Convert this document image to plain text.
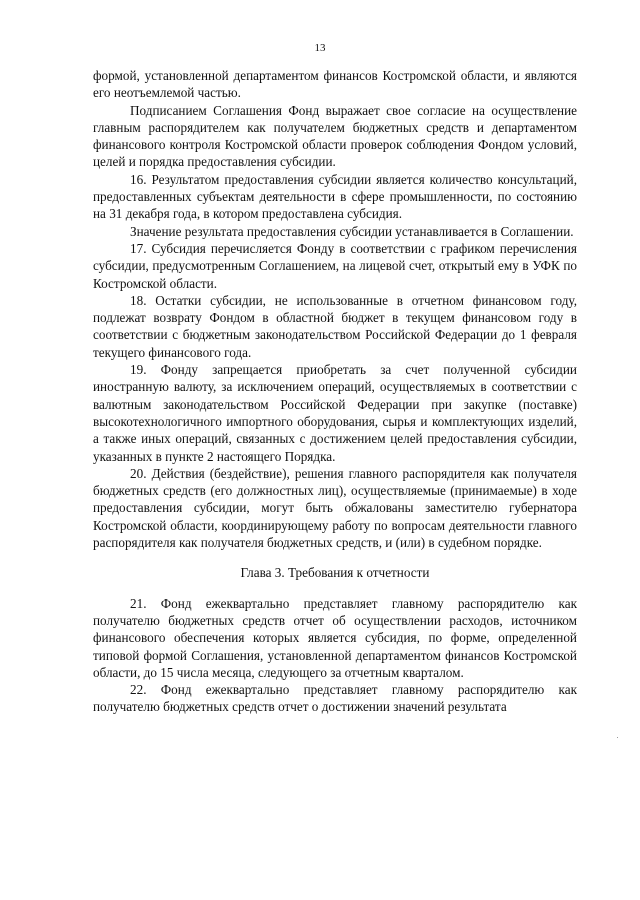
13

формой, установленной департаментом финансов Костромской области, и являются его неотъемлемой частью.

Подписанием Соглашения Фонд выражает свое согласие на осуществление главным распорядителем как получателем бюджетных средств и департаментом финансового контроля Костромской области проверок соблюдения Фондом условий, целей и порядка предоставления субсидии.

16. Результатом предоставления субсидии является количество консультаций, предоставленных субъектам деятельности в сфере промышленности, по состоянию на 31 декабря года, в котором предоставлена субсидия.

Значение результата предоставления субсидии устанавливается в Соглашении.

17. Субсидия перечисляется Фонду в соответствии с графиком перечисления субсидии, предусмотренным Соглашением, на лицевой счет, открытый ему в УФК по Костромской области.

18. Остатки субсидии, не использованные в отчетном финансовом году, подлежат возврату Фондом в областной бюджет в текущем финансовом году в соответствии с бюджетным законодательством Российской Федерации до 1 февраля текущего финансового года.

19. Фонду запрещается приобретать за счет полученной субсидии иностранную валюту, за исключением операций, осуществляемых в соответствии с валютным законодательством Российской Федерации при закупке (поставке) высокотехнологичного импортного оборудования, сырья и комплектующих изделий, а также иных операций, связанных с достижением целей предоставления субсидии, указанных в пункте 2 настоящего Порядка.

20. Действия (бездействие), решения главного распорядителя как получателя бюджетных средств (его должностных лиц), осуществляемые (принимаемые) в ходе предоставления субсидии, могут быть обжалованы заместителю губернатора Костромской области, координирующему работу по вопросам деятельности главного распорядителя как получателя бюджетных средств, и (или) в судебном порядке.

Глава 3. Требования к отчетности

21. Фонд ежеквартально представляет главному распорядителю как получателю бюджетных средств отчет об осуществлении расходов, источником финансового обеспечения которых является субсидия, по форме, определенной типовой формой Соглашения, установленной департаментом финансов Костромской области, до 15 числа месяца, следующего за отчетным кварталом.

22. Фонд ежеквартально представляет главному распорядителю как получателю бюджетных средств отчет о достижении значений результата
